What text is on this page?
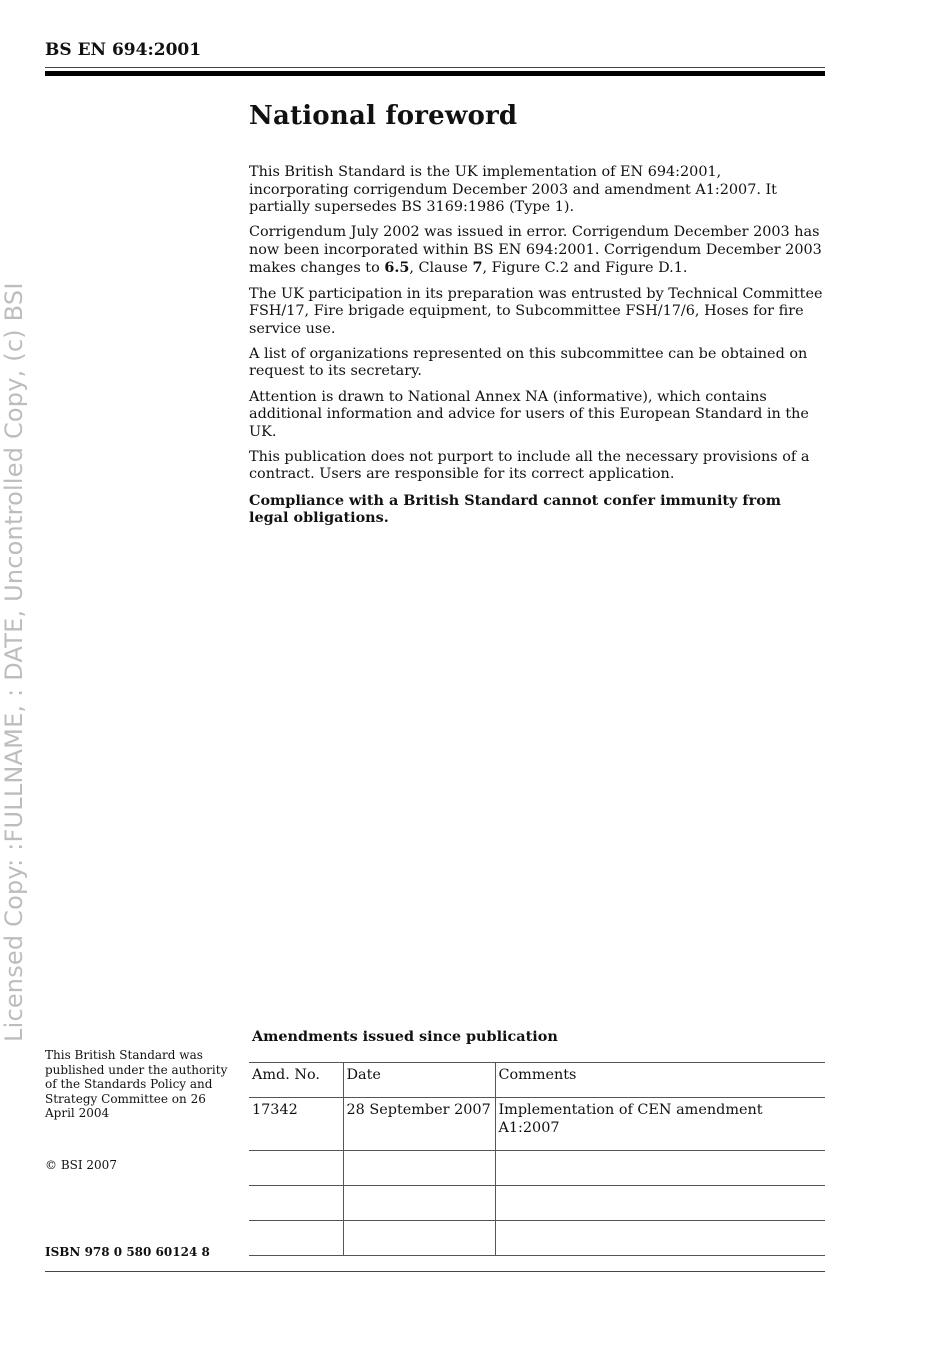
BS EN 694:2001
Licensed Copy: :FULLNAME, : DATE, Uncontrolled Copy, (c) BSI
National foreword

This British Standard is the UK implementation of EN 694:2001, incorporating corrigendum December 2003 and amendment A1:2007. It partially supersedes BS 3169:1986 (Type 1).

Corrigendum July 2002 was issued in error. Corrigendum December 2003 has now been incorporated within BS EN 694:2001. Corrigendum December 2003 makes changes to 6.5, Clause 7, Figure C.2 and Figure D.1.

The UK participation in its preparation was entrusted by Technical Committee FSH/17, Fire brigade equipment, to Subcommittee FSH/17/6, Hoses for fire service use.

A list of organizations represented on this subcommittee can be obtained on request to its secretary.

Attention is drawn to National Annex NA (informative), which contains additional information and advice for users of this European Standard in the UK.

This publication does not purport to include all the necessary provisions of a contract. Users are responsible for its correct application.

Compliance with a British Standard cannot confer immunity from legal obligations.

Amendments issued since publication
Amd. No.	Date	Comments
17342	28 September 2007	Implementation of CEN amendment A1:2007

This British Standard was published under the authority of the Standards Policy and Strategy Committee on 26 April 2004
© BSI 2007
ISBN 978 0 580 60124 8
